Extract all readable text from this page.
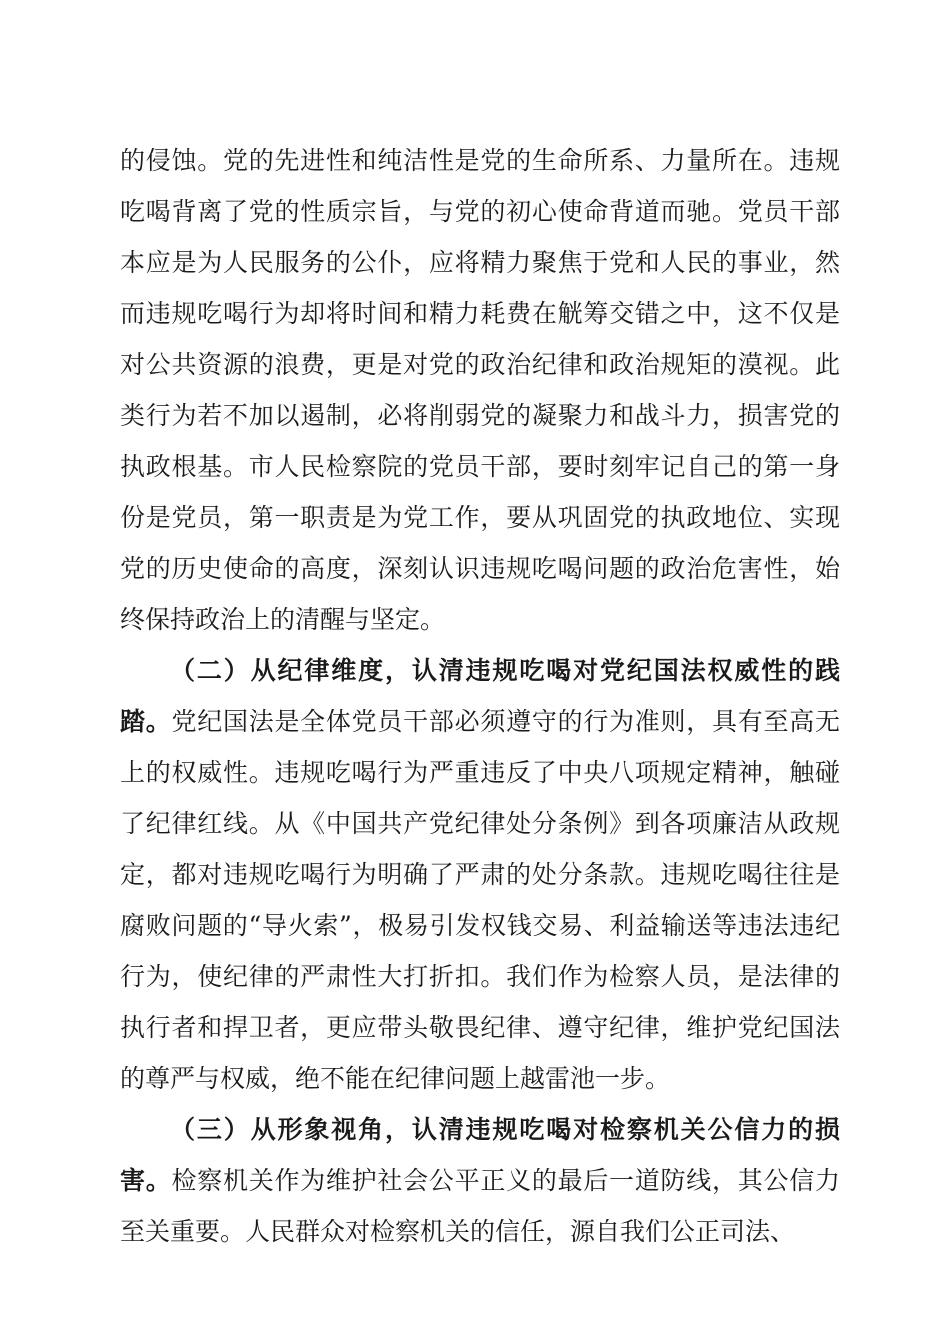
的侵蚀。党的先进性和纯洁性是党的生命所系、力量所在。违规吃喝背离了党的性质宗旨，与党的初心使命背道而驰。党员干部本应是为人民服务的公仆，应将精力聚焦于党和人民的事业，然而违规吃喝行为却将时间和精力耗费在觥筹交错之中，这不仅是对公共资源的浪费，更是对党的政治纪律和政治规矩的漠视。此类行为若不加以遏制，必将削弱党的凝聚力和战斗力，损害党的执政根基。市人民检察院的党员干部，要时刻牢记自己的第一身份是党员，第一职责是为党工作，要从巩固党的执政地位、实现党的历史使命的高度，深刻认识违规吃喝问题的政治危害性，始终保持政治上的清醒与坚定。

（二）从纪律维度，认清违规吃喝对党纪国法权威性的践踏。党纪国法是全体党员干部必须遵守的行为准则，具有至高无上的权威性。违规吃喝行为严重违反了中央八项规定精神，触碰了纪律红线。从《中国共产党纪律处分条例》到各项廉洁从政规定，都对违规吃喝行为明确了严肃的处分条款。违规吃喝往往是腐败问题的“导火索”，极易引发权钱交易、利益输送等违法违纪行为，使纪律的严肃性大打折扣。我们作为检察人员，是法律的执行者和捍卫者，更应带头敬畏纪律、遵守纪律，维护党纪国法的尊严与权威，绝不能在纪律问题上越雷池一步。

（三）从形象视角，认清违规吃喝对检察机关公信力的损害。检察机关作为维护社会公平正义的最后一道防线，其公信力至关重要。人民群众对检察机关的信任，源自我们公正司法、
